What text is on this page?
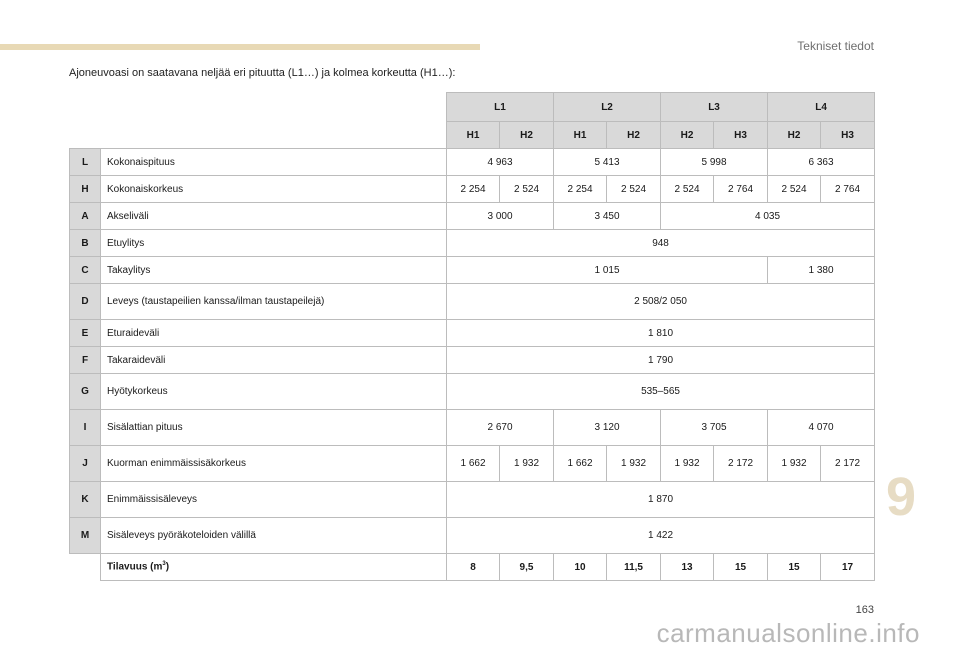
Tekniset tiedot
Ajoneuvoasi on saatavana neljää eri pituutta (L1…) ja kolmea korkeutta (H1…):
		L1		L2		L3		L4	
		H1	H2	H1	H2	H2	H3	H2	H3
L	Kokonaispituus	4 963		5 413		5 998		6 363	
H	Kokonaiskorkeus	2 254	2 524	2 254	2 524	2 524	2 764	2 524	2 764
A	Akseliväli	3 000		3 450		4 035			
B	Etuylitys	948							
C	Takaylitys	1 015						1 380	
D	Leveys (taustapeilien kanssa/ilman taustapeilejä)	2 508/2 050							
E	Eturaideväli	1 810							
F	Takaraideväli	1 790							
G	Hyötykorkeus	535–565							
I	Sisälattian pituus	2 670		3 120		3 705		4 070	
J	Kuorman enimmäissisäkorkeus	1 662	1 932	1 662	1 932	1 932	2 172	1 932	2 172
K	Enimmäissisäleveys	1 870							
M	Sisäleveys pyöräkoteloiden välillä	1 422							
	Tilavuus $(m^3)$	8	9,5	10	11,5	13	15	15	17
9
163
carmanualsonline.info
